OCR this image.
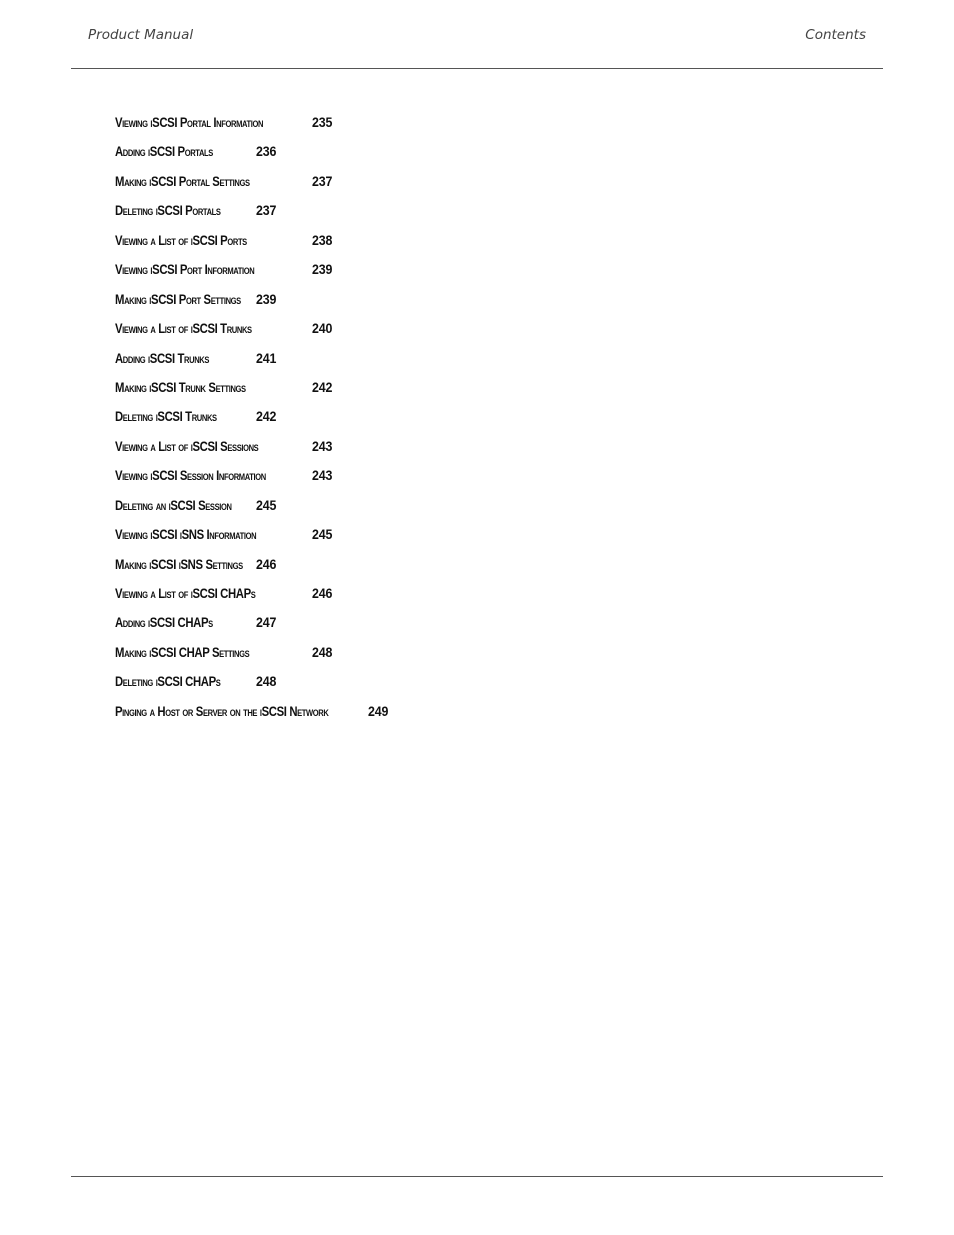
Product Manual	Contents
Viewing iSCSI Portal Information	235
Adding iSCSI Portals	236
Making iSCSI Portal Settings	237
Deleting iSCSI Portals	237
Viewing a List of iSCSI Ports	238
Viewing iSCSI Port Information	239
Making iSCSI Port Settings 239
Viewing a List of iSCSI Trunks	240
Adding iSCSI Trunks	241
Making iSCSI Trunk Settings	242
Deleting iSCSI Trunks	242
Viewing a List of iSCSI Sessions	243
Viewing iSCSI Session Information	243
Deleting an iSCSI Session 245
Viewing iSCSI iSNS Information	245
Making iSCSI iSNS Settings 246
Viewing a List of iSCSI CHAPs	246
Adding iSCSI CHAPs	247
Making iSCSI CHAP Settings	248
Deleting iSCSI CHAPs	248
Pinging a Host or Server on the iSCSI Network	249
